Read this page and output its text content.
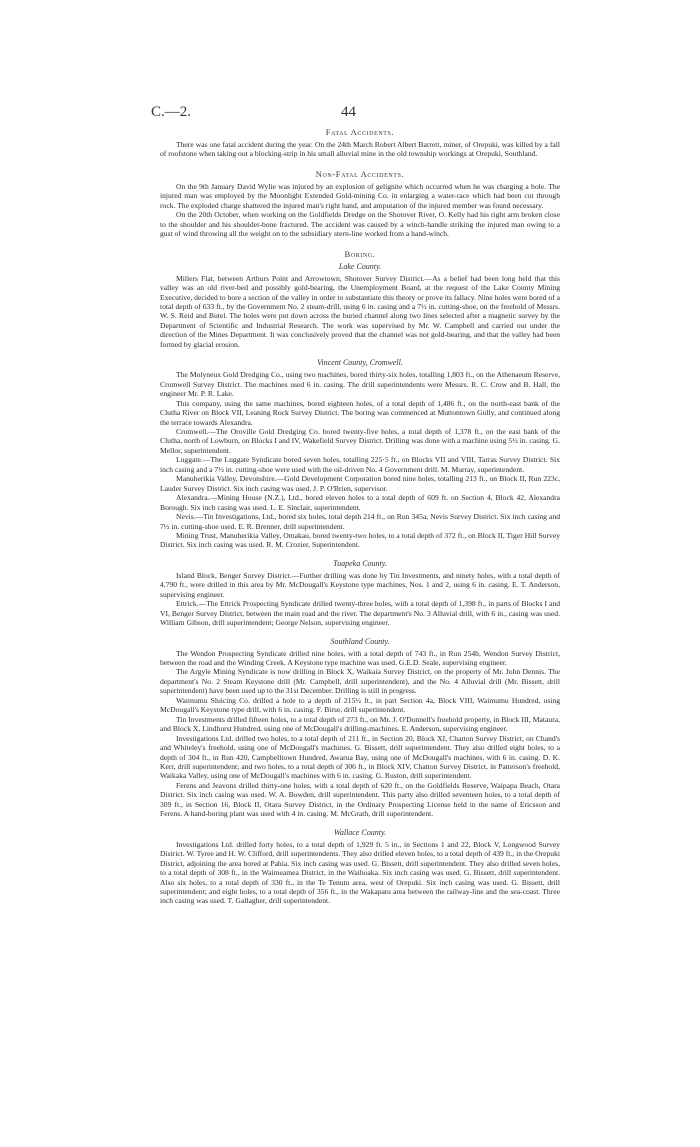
C.—2.	44
Fatal Accidents.

There was one fatal accident during the year. On the 24th March Robert Albert Barrett, miner, of Orepuki, was killed by a fall of roofstone when taking out a blocking-strip in his small alluvial mine in the old township workings at Orepuki, Southland.

Non-Fatal Accidents.

On the 9th January David Wylie was injured by an explosion of gelignite which occurred when he was charging a hole. The injured man was employed by the Moonlight Extended Gold-mining Co. in enlarging a water-race which had been cut through rock. The exploded charge shattered the injured man's right hand, and amputation of the injured member was found necessary.

On the 20th October, when working on the Goldfields Dredge on the Shotover River, O. Kelly had his right arm broken close to the shoulder and his shoulder-bone fractured. The accident was caused by a winch-handle striking the injured man owing to a gust of wind throwing all the weight on to the subsidiary stern-line worked from a hand-winch.

Boring.
Lake County.

Millers Flat, between Arthurs Point and Arrowtown, Shotover Survey District.—As a belief had been long held that this valley was an old river-bed and possibly gold-bearing, the Unemployment Board, at the request of the Lake County Mining Executive, decided to bore a section of the valley in order to substantiate this theory or prove its fallacy. Nine holes were bored of a total depth of 633 ft., by the Government No. 2 steam-drill, using 6 in. casing and a 7½ in. cutting-shoe, on the freehold of Messrs. W. S. Reid and Butel. The holes were put down across the buried channel along two lines selected after a magnetic survey by the Department of Scientific and Industrial Research. The work was supervised by Mr. W. Campbell and carried out under the direction of the Mines Department. It was conclusively proved that the channel was not gold-bearing, and that the valley had been formed by glacial erosion.

Vincent County, Cromwell.

The Molyneux Gold Dredging Co., using two machines, bored thirty-six holes, totalling 1,803 ft., on the Athenaeum Reserve, Cromwell Survey District. The machines used 6 in. casing. The drill superintendents were Messrs. R. C. Crow and B. Hall, the engineer Mr. P. R. Lake.

This company, using the same machines, bored eighteen holes, of a total depth of 1,486 ft., on the north-east bank of the Clutha River on Block VII, Leaning Rock Survey District. The boring was commenced at Muttontown Gully, and continued along the terrace towards Alexandra.

Cromwell.—The Oroville Gold Dredging Co. bored twenty-five holes, a total depth of 1,378 ft., on the east bank of the Clutha, north of Lowburn, on Blocks I and IV, Wakefield Survey District. Drilling was done with a machine using 5½ in. casing. G. Mellor, superintendent.

Luggate.—The Luggate Syndicate bored seven holes, totalling 225·5 ft., on Blocks VII and VIII, Tarras Survey District. Six inch casing and a 7½ in. cutting-shoe were used with the oil-driven No. 4 Government drill. M. Murray, superintendent.

Manuherikia Valley, Devonshire.—Gold Development Corporation bored nine holes, totalling 213 ft., on Block II, Run 223c, Lauder Survey District. Six inch casing was used. J. P. O'Brien, supervisor.

Alexandra.—Mining House (N.Z.), Ltd., bored eleven holes to a total depth of 609 ft. on Section 4, Block 42, Alexandra Borough. Six inch casing was used. L. E. Sinclair, superintendent.

Nevis.—Tin Investigations, Ltd., bored six holes, total depth 214 ft., on Run 345a, Nevis Survey District. Six inch casing and 7½ in. cutting-shoe used. E. R. Brenner, drill superintendent.

Mining Trust, Manuherikia Valley, Omakau, bored twenty-two holes, to a total depth of 372 ft., on Block II, Tiger Hill Survey District. Six inch casing was used. R. M. Crozier, Superintendent.

Tuapeka County.

Island Block, Benger Survey District.—Further drilling was done by Tin Investments, and ninety holes, with a total depth of 4,790 ft., were drilled in this area by Mr. McDougall's Keystone type machines, Nos. 1 and 2, using 6 in. casing. E. T. Anderson, supervising engineer.

Ettrick.—The Ettrick Prospecting Syndicate drilled twenty-three holes, with a total depth of 1,398 ft., in parts of Blocks I and VI, Benger Survey District, between the main road and the river. The department's No. 3 Alluvial drill, with 6 in., casing was used. William Gibson, drill superintendent; George Nelson, supervising engineer.

Southland County.

The Wendon Prospecting Syndicate drilled nine holes, with a total depth of 743 ft., in Run 254b, Wendon Survey District, between the road and the Winding Creek. A Keystone type machine was used. G.E.D. Seale, supervising engineer.

The Argyle Mining Syndicate is now drilling in Block X, Waikaia Survey District, on the property of Mr. John Dennis. The department's No. 2 Steam Keystone drill (Mr. Campbell, drill superintendent), and the No. 4 Alluvial drill (Mr. Bissett, drill superintendent) have been used up to the 31st December. Drilling is still in progress.

Waimumu Sluicing Co. drilled a hole to a depth of 215½ ft., in part Section 4a, Block VIII, Waimumu Hundred, using McDougall's Keystone type drill, with 6 in. casing. F. Birse, drill superintendent.

Tin Investments drilled fifteen holes, to a total depth of 273 ft., on Mr. J. O'Donnell's freehold property, in Block III, Mataura, and Block X, Lindhurst Hundred, using one of McDougall's drilling-machines. E. Anderson, supervising engineer.

Investigations Ltd. drilled two holes, to a total depth of 211 ft., in Section 20, Block XI, Chatton Survey District, on Chand's and Whiteley's freehold, using one of McDougall's machines. G. Bissett, drill superintendent. They also drilled eight holes, to a depth of 304 ft., in Run 420, Campbelltown Hundred, Awarua Bay, using one of McDougall's machines, with 6 in. casing. D. K. Kerr, drill superintendent; and two holes, to a total depth of 306 ft., in Block XIV, Chatton Survey District, in Patterson's freehold, Waikaka Valley, using one of McDougall's machines with 6 in. casing. G. Ruston, drill superintendent.

Ferens and Jeavons drilled thirty-one holes, with a total depth of 620 ft., on the Goldfields Reserve, Waipapa Beach, Otara District. Six inch casing was used. W. A. Bowden, drill superintendent. This party also drilled seventeen holes, to a total depth of 309 ft., in Section 16, Block II, Otara Survey District, in the Ordinary Prospecting License held in the name of Ericsson and Ferens. A hand-boring plant was used with 4 in. casing. M. McGrath, drill superintendent.

Wallace County.

Investigations Ltd. drilled forty holes, to a total depth of 1,929 ft. 5 in., in Sections 1 and 22, Block V, Longwood Survey District. W. Tyree and H. W. Clifford, drill superintendents. They also drilled eleven holes, to a total depth of 439 ft., in the Orepuki District, adjoining the area bored at Pahia. Six inch casing was used. G. Bissett, drill superintendent. They also drilled seven holes, to a total depth of 308 ft., in the Waimeamea District, in the Waihoaka. Six inch casing was used. G. Bissett, drill superintendent. Also six holes, to a total depth of 330 ft., in the Te Tenutu area, west of Orepuki. Six inch casing was used. G. Bissett, drill superintendent; and eight holes, to a total depth of 356 ft., in the Wakapatu area between the railway-line and the sea-coast. Three inch casing was used. T. Gallagher, drill superintendent.
